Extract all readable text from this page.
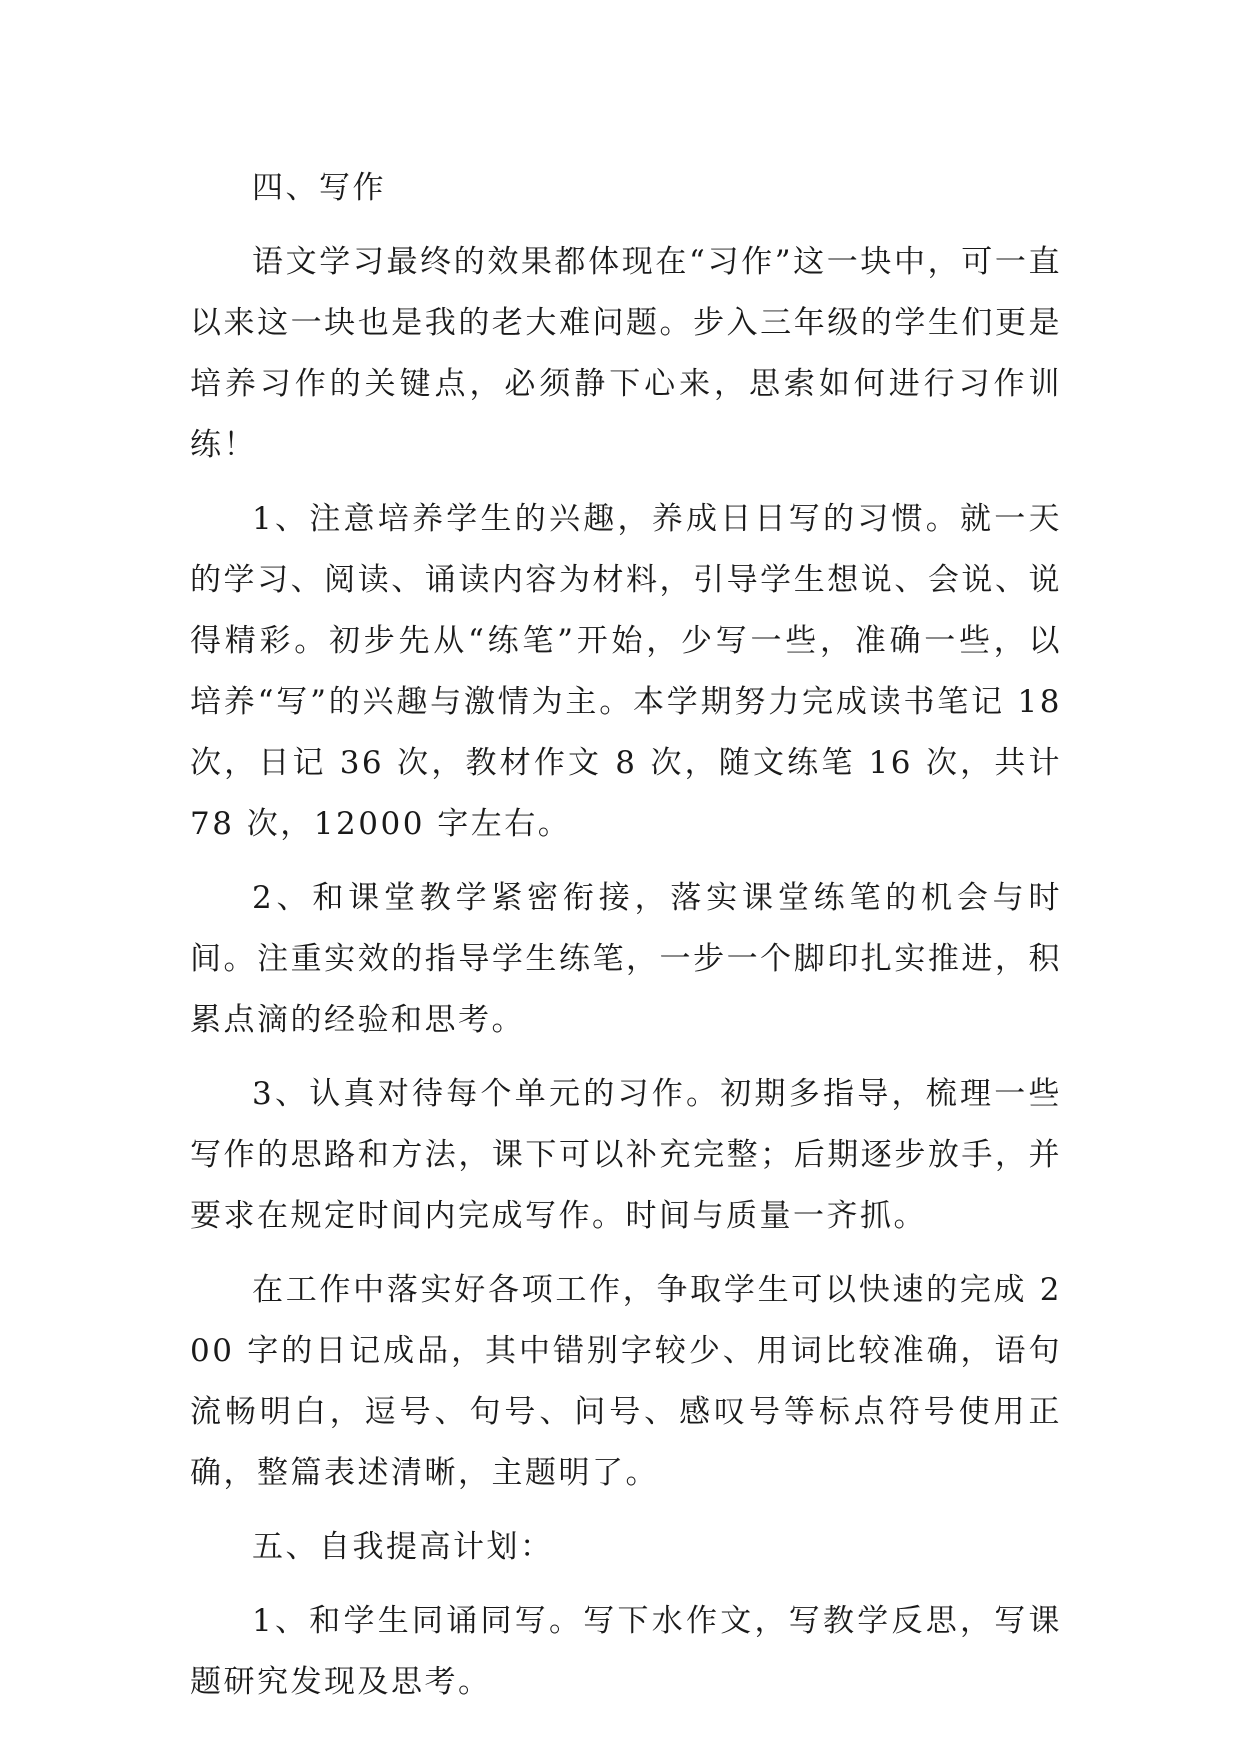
四、写作

语文学习最终的效果都体现在“习作”这一块中，可一直以来这一块也是我的老大难问题。步入三年级的学生们更是培养习作的关键点，必须静下心来，思索如何进行习作训练！

1、注意培养学生的兴趣，养成日日写的习惯。就一天的学习、阅读、诵读内容为材料，引导学生想说、会说、说得精彩。初步先从“练笔”开始，少写一些，准确一些，以培养“写”的兴趣与激情为主。本学期努力完成读书笔记 18 次，日记 36 次，教材作文 8 次，随文练笔 16 次，共计 78 次，12000 字左右。

2、和课堂教学紧密衔接，落实课堂练笔的机会与时间。注重实效的指导学生练笔，一步一个脚印扎实推进，积累点滴的经验和思考。

3、认真对待每个单元的习作。初期多指导，梳理一些写作的思路和方法，课下可以补充完整；后期逐步放手，并要求在规定时间内完成写作。时间与质量一齐抓。

在工作中落实好各项工作，争取学生可以快速的完成 200 字的日记成品，其中错别字较少、用词比较准确，语句流畅明白，逗号、句号、问号、感叹号等标点符号使用正确，整篇表述清晰，主题明了。

五、自我提高计划：

1、和学生同诵同写。写下水作文，写教学反思，写课题研究发现及思考。
